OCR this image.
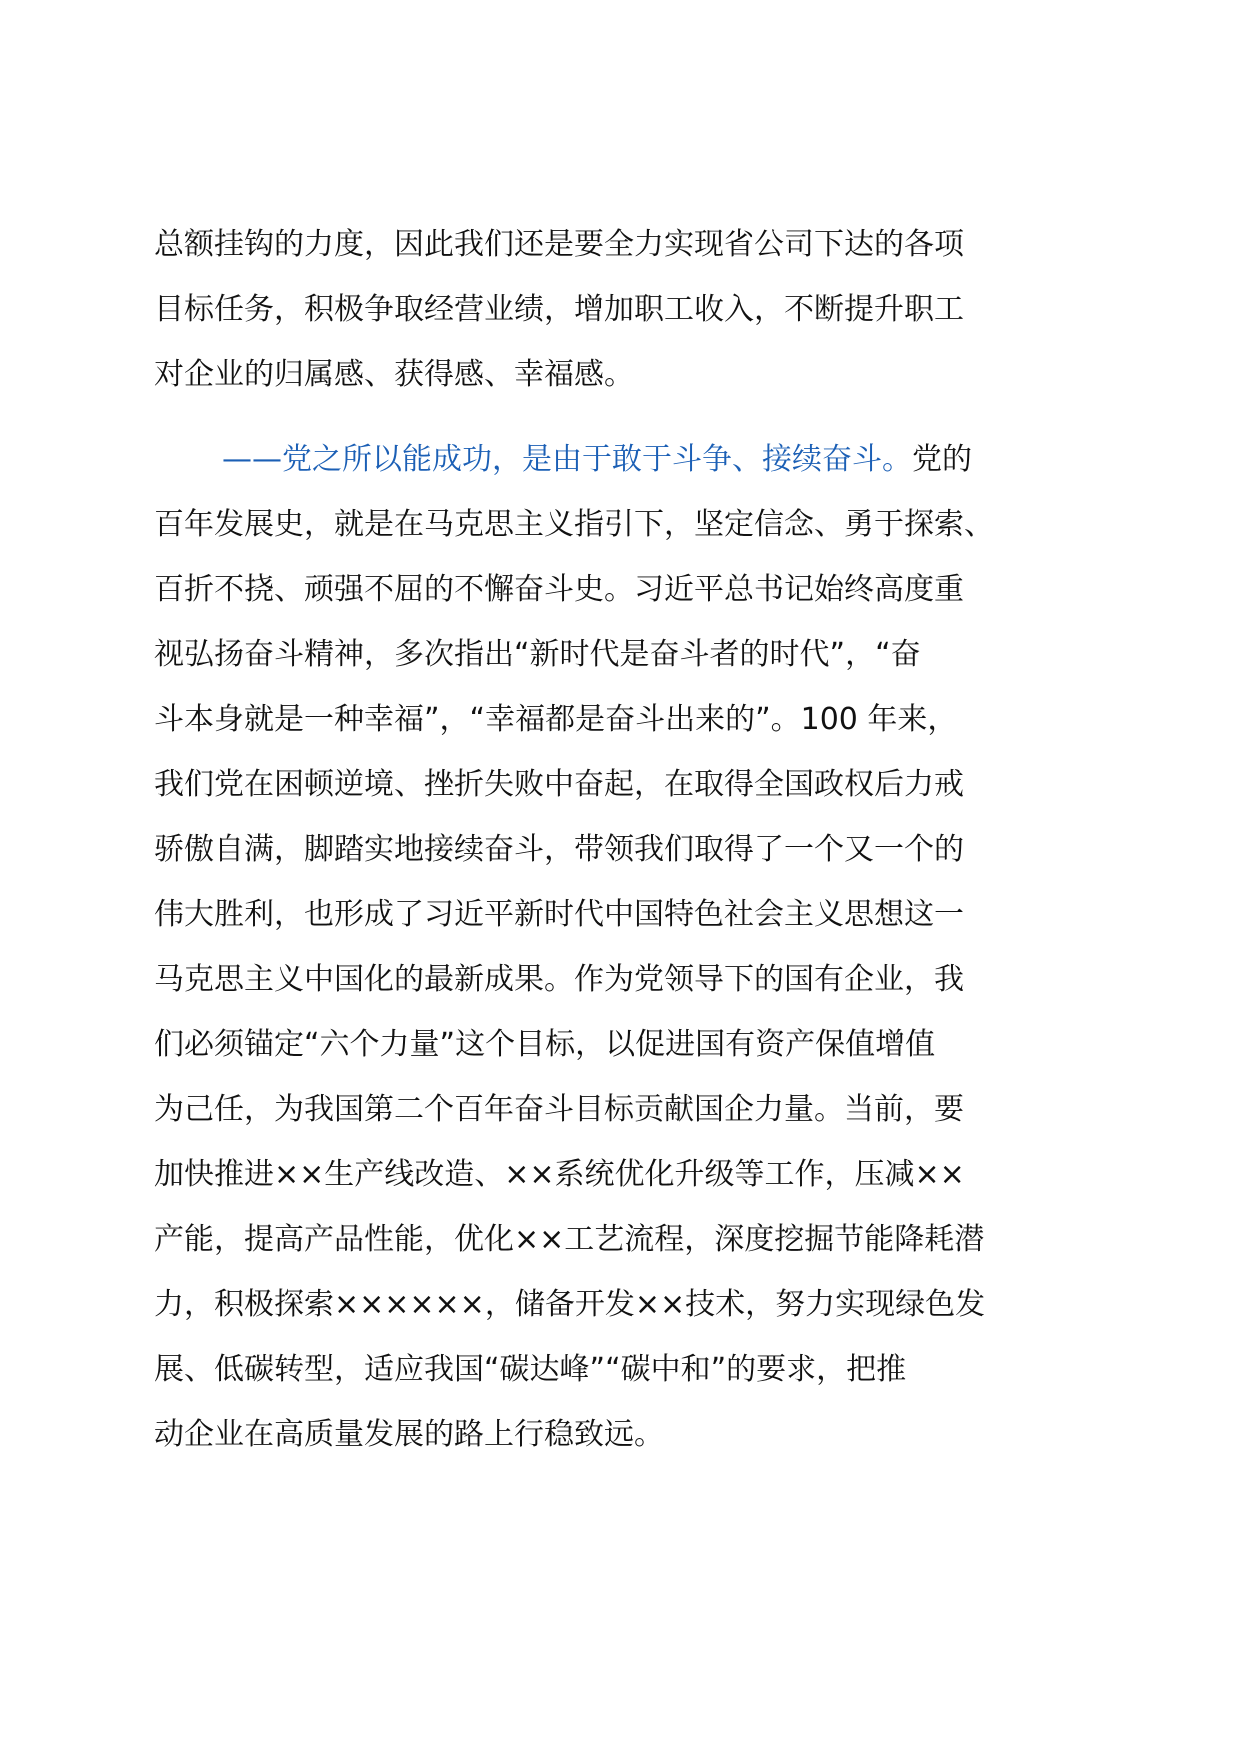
总额挂钩的力度，因此我们还是要全力实现省公司下达的各项
目标任务，积极争取经营业绩，增加职工收入，不断提升职工
对企业的归属感、获得感、幸福感。
——党之所以能成功，是由于敢于斗争、接续奋斗。党的
百年发展史，就是在马克思主义指引下，坚定信念、勇于探索、
百折不挠、顽强不屈的不懈奋斗史。习近平总书记始终高度重
视弘扬奋斗精神，多次指出“新时代是奋斗者的时代”，“奋
斗本身就是一种幸福”，“幸福都是奋斗出来的”。100 年来，
我们党在困顿逆境、挫折失败中奋起，在取得全国政权后力戒
骄傲自满，脚踏实地接续奋斗，带领我们取得了一个又一个的
伟大胜利，也形成了习近平新时代中国特色社会主义思想这一
马克思主义中国化的最新成果。作为党领导下的国有企业，我
们必须锚定“六个力量”这个目标，以促进国有资产保值增值
为己任，为我国第二个百年奋斗目标贡献国企力量。当前，要
加快推进××生产线改造、××系统优化升级等工作，压减××
产能，提高产品性能，优化××工艺流程，深度挖掘节能降耗潜
力，积极探索××××××，储备开发××技术，努力实现绿色发
展、低碳转型，适应我国“碳达峰”“碳中和”的要求，把推
动企业在高质量发展的路上行稳致远。
